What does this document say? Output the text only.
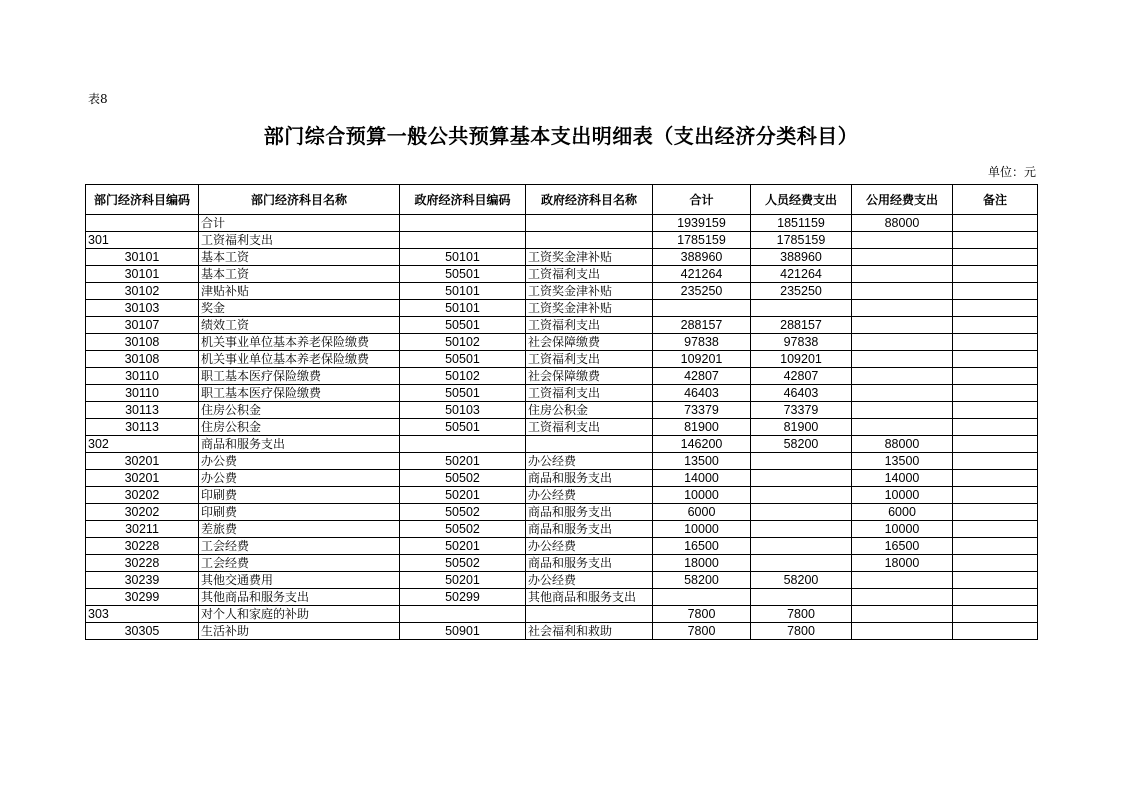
表8
部门综合预算一般公共预算基本支出明细表（支出经济分类科目）
单位：元
部门经济科目编码	部门经济科目名称	政府经济科目编码	政府经济科目名称	合计	人员经费支出	公用经费支出	备注
	合计			1939159	1851159	88000	
301	工资福利支出			1785159	1785159		
30101	基本工资	50101	工资奖金津补贴	388960	388960		
30101	基本工资	50501	工资福利支出	421264	421264		
30102	津贴补贴	50101	工资奖金津补贴	235250	235250		
30103	奖金	50101	工资奖金津补贴				
30107	绩效工资	50501	工资福利支出	288157	288157		
30108	机关事业单位基本养老保险缴费	50102	社会保障缴费	97838	97838		
30108	机关事业单位基本养老保险缴费	50501	工资福利支出	109201	109201		
30110	职工基本医疗保险缴费	50102	社会保障缴费	42807	42807		
30110	职工基本医疗保险缴费	50501	工资福利支出	46403	46403		
30113	住房公积金	50103	住房公积金	73379	73379		
30113	住房公积金	50501	工资福利支出	81900	81900		
302	商品和服务支出			146200	58200	88000	
30201	办公费	50201	办公经费	13500		13500	
30201	办公费	50502	商品和服务支出	14000		14000	
30202	印刷费	50201	办公经费	10000		10000	
30202	印刷费	50502	商品和服务支出	6000		6000	
30211	差旅费	50502	商品和服务支出	10000		10000	
30228	工会经费	50201	办公经费	16500		16500	
30228	工会经费	50502	商品和服务支出	18000		18000	
30239	其他交通费用	50201	办公经费	58200	58200		
30299	其他商品和服务支出	50299	其他商品和服务支出				
303	对个人和家庭的补助			7800	7800		
30305	生活补助	50901	社会福利和救助	7800	7800		
